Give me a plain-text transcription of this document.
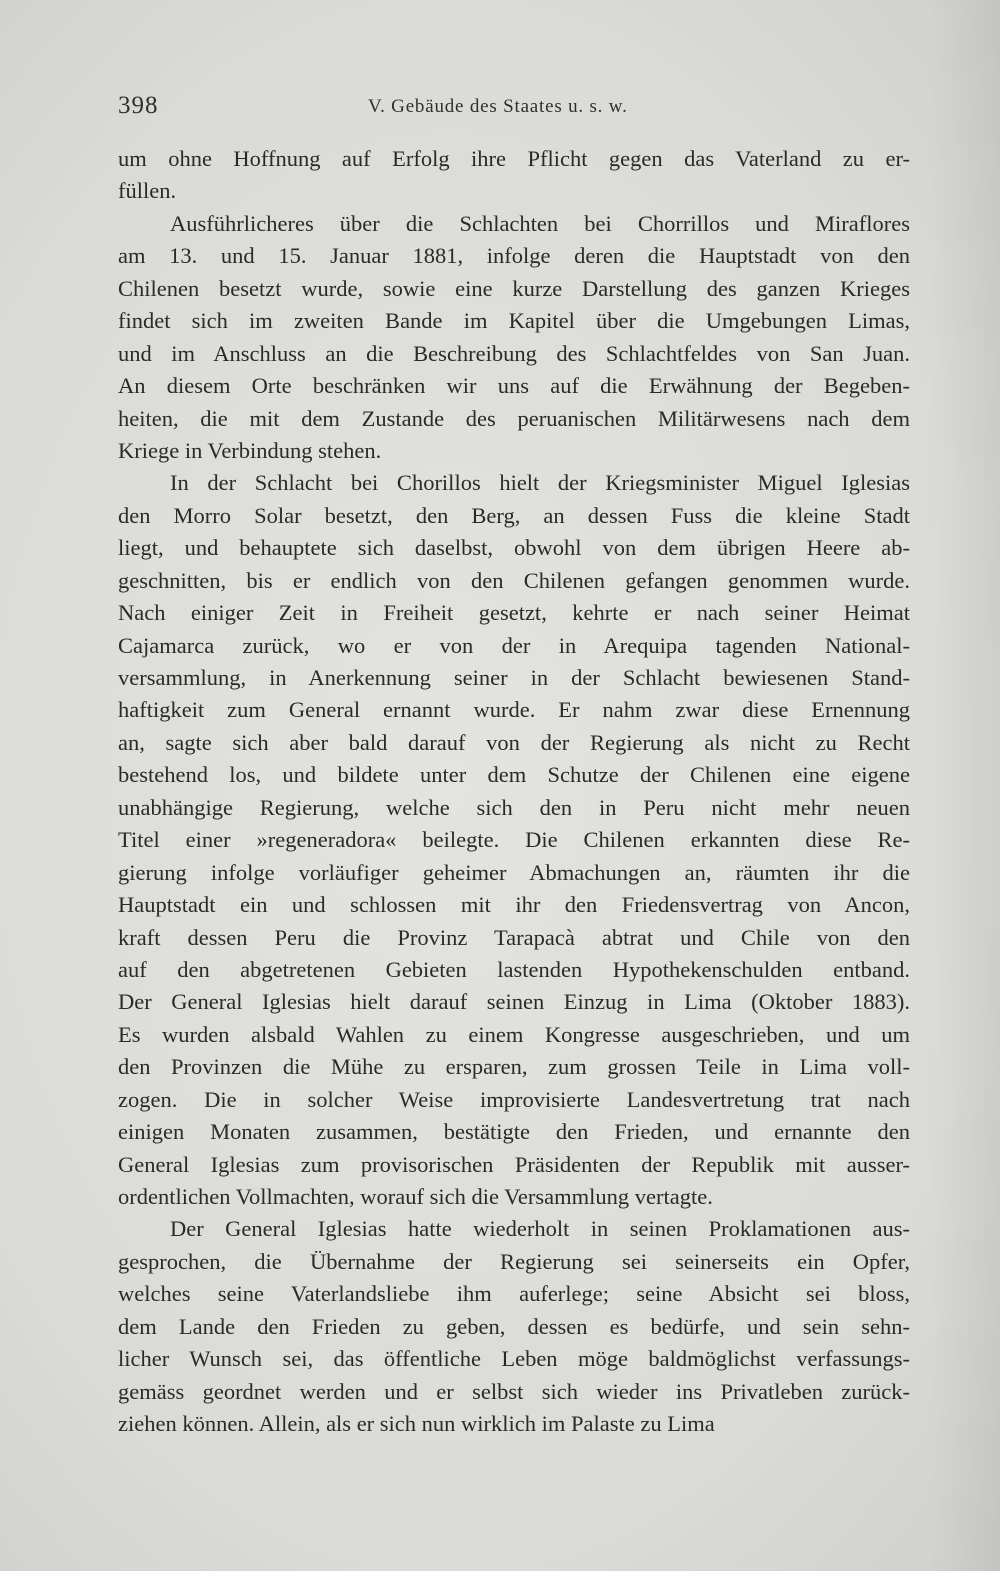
398	V. Gebäude des Staates u. s. w.
um ohne Hoffnung auf Erfolg ihre Pflicht gegen das Vaterland zu er-
füllen.
Ausführlicheres über die Schlachten bei Chorrillos und Miraflores
am 13. und 15. Januar 1881, infolge deren die Hauptstadt von den
Chilenen besetzt wurde, sowie eine kurze Darstellung des ganzen Krieges
findet sich im zweiten Bande im Kapitel über die Umgebungen Limas,
und im Anschluss an die Beschreibung des Schlachtfeldes von San Juan.
An diesem Orte beschränken wir uns auf die Erwähnung der Begeben-
heiten, die mit dem Zustande des peruanischen Militärwesens nach dem
Kriege in Verbindung stehen.
In der Schlacht bei Chorillos hielt der Kriegsminister Miguel Iglesias
den Morro Solar besetzt, den Berg, an dessen Fuss die kleine Stadt
liegt, und behauptete sich daselbst, obwohl von dem übrigen Heere ab-
geschnitten, bis er endlich von den Chilenen gefangen genommen wurde.
Nach einiger Zeit in Freiheit gesetzt, kehrte er nach seiner Heimat
Cajamarca zurück, wo er von der in Arequipa tagenden National-
versammlung, in Anerkennung seiner in der Schlacht bewiesenen Stand-
haftigkeit zum General ernannt wurde. Er nahm zwar diese Ernennung
an, sagte sich aber bald darauf von der Regierung als nicht zu Recht
bestehend los, und bildete unter dem Schutze der Chilenen eine eigene
unabhängige Regierung, welche sich den in Peru nicht mehr neuen
Titel einer »regeneradora« beilegte. Die Chilenen erkannten diese Re-
gierung infolge vorläufiger geheimer Abmachungen an, räumten ihr die
Hauptstadt ein und schlossen mit ihr den Friedensvertrag von Ancon,
kraft dessen Peru die Provinz Tarapacà abtrat und Chile von den
auf den abgetretenen Gebieten lastenden Hypothekenschulden entband.
Der General Iglesias hielt darauf seinen Einzug in Lima (Oktober 1883).
Es wurden alsbald Wahlen zu einem Kongresse ausgeschrieben, und um
den Provinzen die Mühe zu ersparen, zum grossen Teile in Lima voll-
zogen. Die in solcher Weise improvisierte Landesvertretung trat nach
einigen Monaten zusammen, bestätigte den Frieden, und ernannte den
General Iglesias zum provisorischen Präsidenten der Republik mit ausser-
ordentlichen Vollmachten, worauf sich die Versammlung vertagte.
Der General Iglesias hatte wiederholt in seinen Proklamationen aus-
gesprochen, die Übernahme der Regierung sei seinerseits ein Opfer,
welches seine Vaterlandsliebe ihm auferlege; seine Absicht sei bloss,
dem Lande den Frieden zu geben, dessen es bedürfe, und sein sehn-
licher Wunsch sei, das öffentliche Leben möge baldmöglichst verfassungs-
gemäss geordnet werden und er selbst sich wieder ins Privatleben zurück-
ziehen können. Allein, als er sich nun wirklich im Palaste zu Lima
